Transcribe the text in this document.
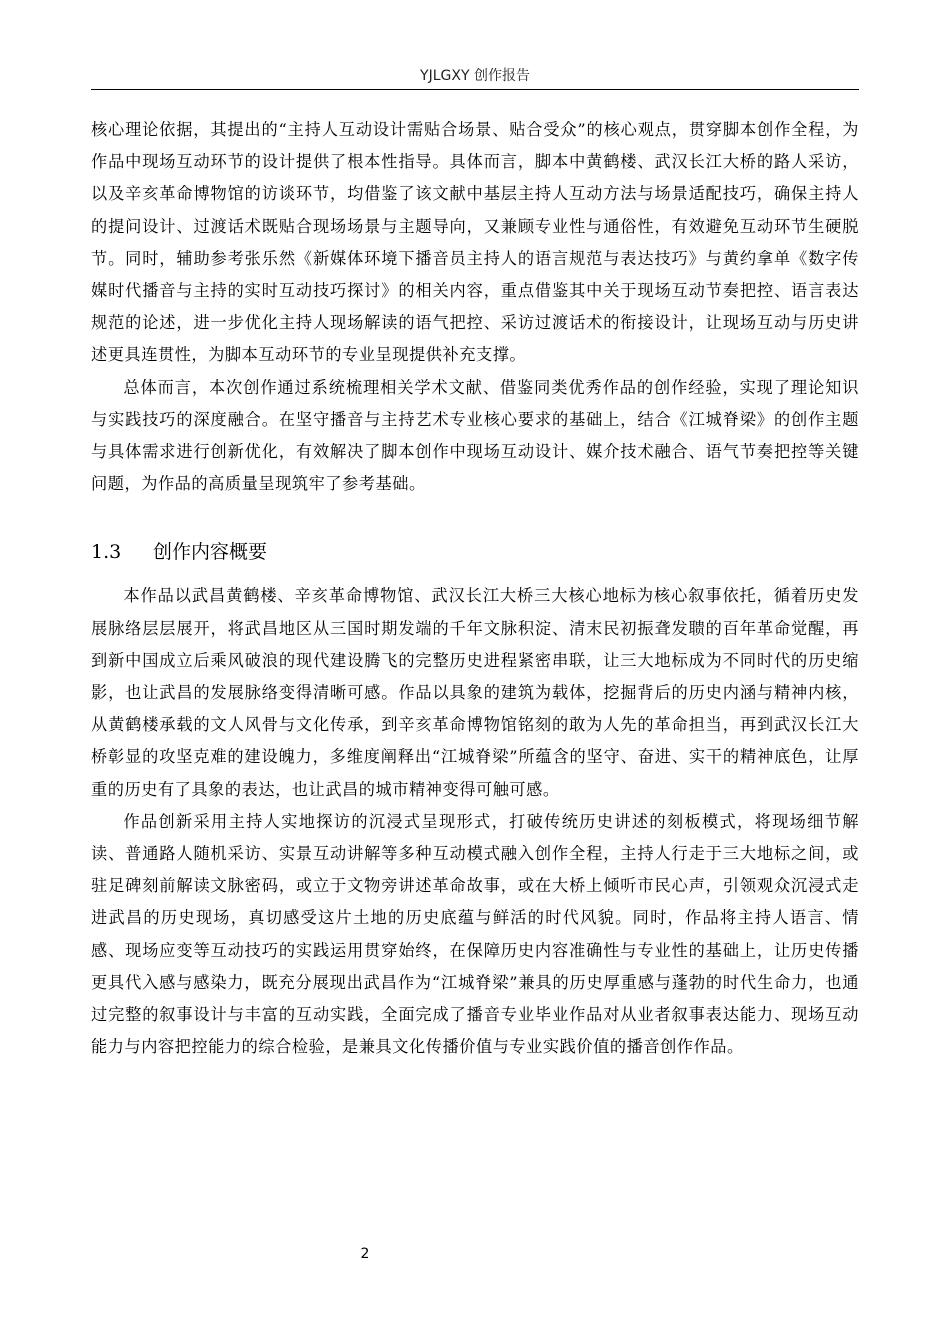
YJLGXY 创作报告

核心理论依据，其提出的“主持人互动设计需贴合场景、贴合受众”的核心观点，贯穿脚本创作全程，为作品中现场互动环节的设计提供了根本性指导。具体而言，脚本中黄鹤楼、武汉长江大桥的路人采访，以及辛亥革命博物馆的访谈环节，均借鉴了该文献中基层主持人互动方法与场景适配技巧，确保主持人的提问设计、过渡话术既贴合现场场景与主题导向，又兼顾专业性与通俗性，有效避免互动环节生硬脱节。同时，辅助参考张乐然《新媒体环境下播音员主持人的语言规范与表达技巧》与黄约拿单《数字传媒时代播音与主持的实时互动技巧探讨》的相关内容，重点借鉴其中关于现场互动节奏把控、语言表达规范的论述，进一步优化主持人现场解读的语气把控、采访过渡话术的衔接设计，让现场互动与历史讲述更具连贯性，为脚本互动环节的专业呈现提供补充支撑。

总体而言，本次创作通过系统梳理相关学术文献、借鉴同类优秀作品的创作经验，实现了理论知识与实践技巧的深度融合。在坚守播音与主持艺术专业核心要求的基础上，结合《江城脊梁》的创作主题与具体需求进行创新优化，有效解决了脚本创作中现场互动设计、媒介技术融合、语气节奏把控等关键问题，为作品的高质量呈现筑牢了参考基础。

1.3	创作内容概要

本作品以武昌黄鹤楼、辛亥革命博物馆、武汉长江大桥三大核心地标为核心叙事依托，循着历史发展脉络层层展开，将武昌地区从三国时期发端的千年文脉积淀、清末民初振聋发聩的百年革命觉醒，再到新中国成立后乘风破浪的现代建设腾飞的完整历史进程紧密串联，让三大地标成为不同时代的历史缩影，也让武昌的发展脉络变得清晰可感。作品以具象的建筑为载体，挖掘背后的历史内涵与精神内核，从黄鹤楼承载的文人风骨与文化传承，到辛亥革命博物馆铭刻的敢为人先的革命担当，再到武汉长江大桥彰显的攻坚克难的建设魄力，多维度阐释出“江城脊梁”所蕴含的坚守、奋进、实干的精神底色，让厚重的历史有了具象的表达，也让武昌的城市精神变得可触可感。

作品创新采用主持人实地探访的沉浸式呈现形式，打破传统历史讲述的刻板模式，将现场细节解读、普通路人随机采访、实景互动讲解等多种互动模式融入创作全程，主持人行走于三大地标之间，或驻足碑刻前解读文脉密码，或立于文物旁讲述革命故事，或在大桥上倾听市民心声，引领观众沉浸式走进武昌的历史现场，真切感受这片土地的历史底蕴与鲜活的时代风貌。同时，作品将主持人语言、情感、现场应变等互动技巧的实践运用贯穿始终，在保障历史内容准确性与专业性的基础上，让历史传播更具代入感与感染力，既充分展现出武昌作为“江城脊梁”兼具的历史厚重感与蓬勃的时代生命力，也通过完整的叙事设计与丰富的互动实践，全面完成了播音专业毕业作品对从业者叙事表达能力、现场互动能力与内容把控能力的综合检验，是兼具文化传播价值与专业实践价值的播音创作作品。

2
